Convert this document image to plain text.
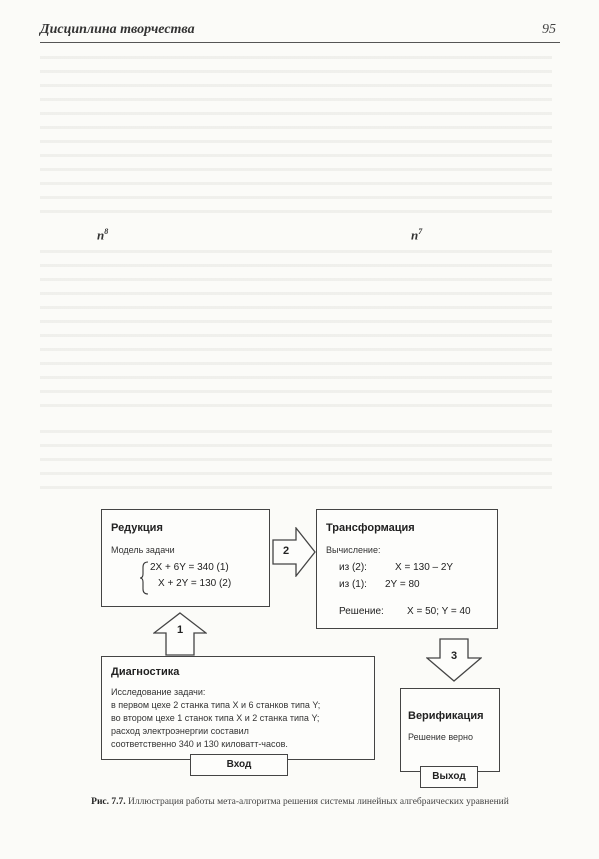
Дисциплина творчества	95
$n^8$	$n^7$
Редукция
Модель задачи
2X + 6Y = 340 (1)
X + 2Y = 130 (2)
2
Трансформация
Вычисление:
из (2):	X = 130 – 2Y
из (1): 2Y = 80
Решение: X = 50; Y = 40
1
3
Диагностика
Исследование задачи:
в первом цехе 2 станка типа X и 6 станков типа Y;
во втором цехе 1 станок типа X и 2 станка типа Y;
расход электроэнергии составил
соответственно 340 и 130 киловатт-часов.
Вход
Верификация
Решение верно
Выход
Рис. 7.7. Иллюстрация работы мета-алгоритма решения системы линейных алгебраических уравнений
